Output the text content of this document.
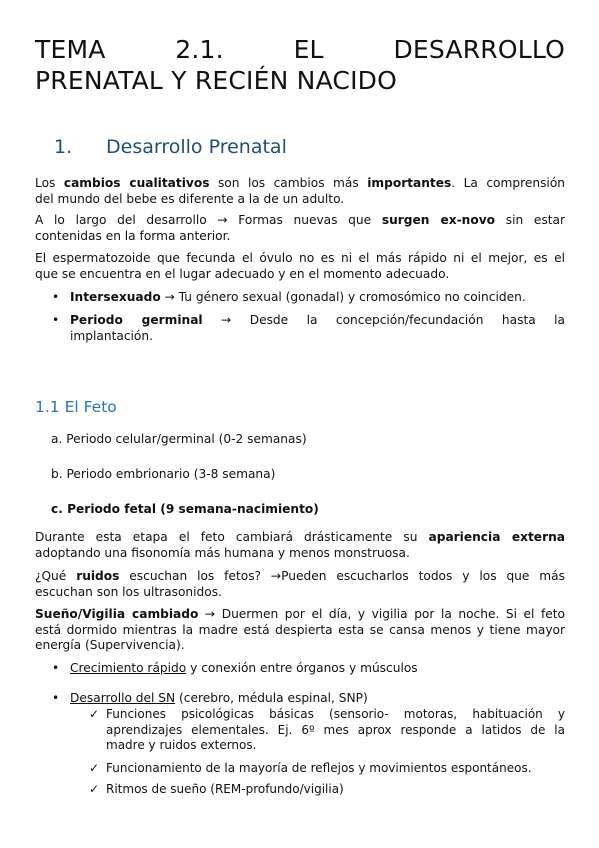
TEMA	2.1.	EL	DESARROLLO
PRENATAL Y RECIÉN NACIDO
1. Desarrollo Prenatal

Los cambios cualitativos son los cambios más importantes. La comprensión
del mundo del bebe es diferente a la de un adulto.

A lo largo del desarrollo → Formas nuevas que surgen ex-novo sin estar
contenidas en la forma anterior.

El espermatozoide que fecunda el óvulo no es ni el más rápido ni el mejor, es el
que se encuentra en el lugar adecuado y en el momento adecuado.

• Intersexuado → Tu género sexual (gonadal) y cromosómico no coinciden.
• Periodo germinal → Desde la concepción/fecundación hasta la
implantación.
1.1 El Feto
a. Periodo celular/germinal (0-2 semanas)
b. Periodo embrionario (3-8 semana)
c. Periodo fetal (9 semana-nacimiento)

Durante esta etapa el feto cambiará drásticamente su apariencia externa
adoptando una fisonomía más humana y menos monstruosa.

¿Qué ruidos escuchan los fetos? →Pueden escucharlos todos y los que más
escuchan son los ultrasonidos.

Sueño/Vigilia cambiado → Duermen por el día, y vigilia por la noche. Si el feto
está dormido mientras la madre está despierta esta se cansa menos y tiene mayor
energía (Supervivencia).

• Crecimiento rápido y conexión entre órganos y músculos
• Desarrollo del SN (cerebro, médula espinal, SNP)
✓ Funciones psicológicas básicas (sensorio- motoras, habituación y
aprendizajes elementales. Ej. 6º mes aprox responde a latidos de la
madre y ruidos externos.
✓ Funcionamiento de la mayoría de reflejos y movimientos espontáneos.
✓ Ritmos de sueño (REM-profundo/vigilia)
